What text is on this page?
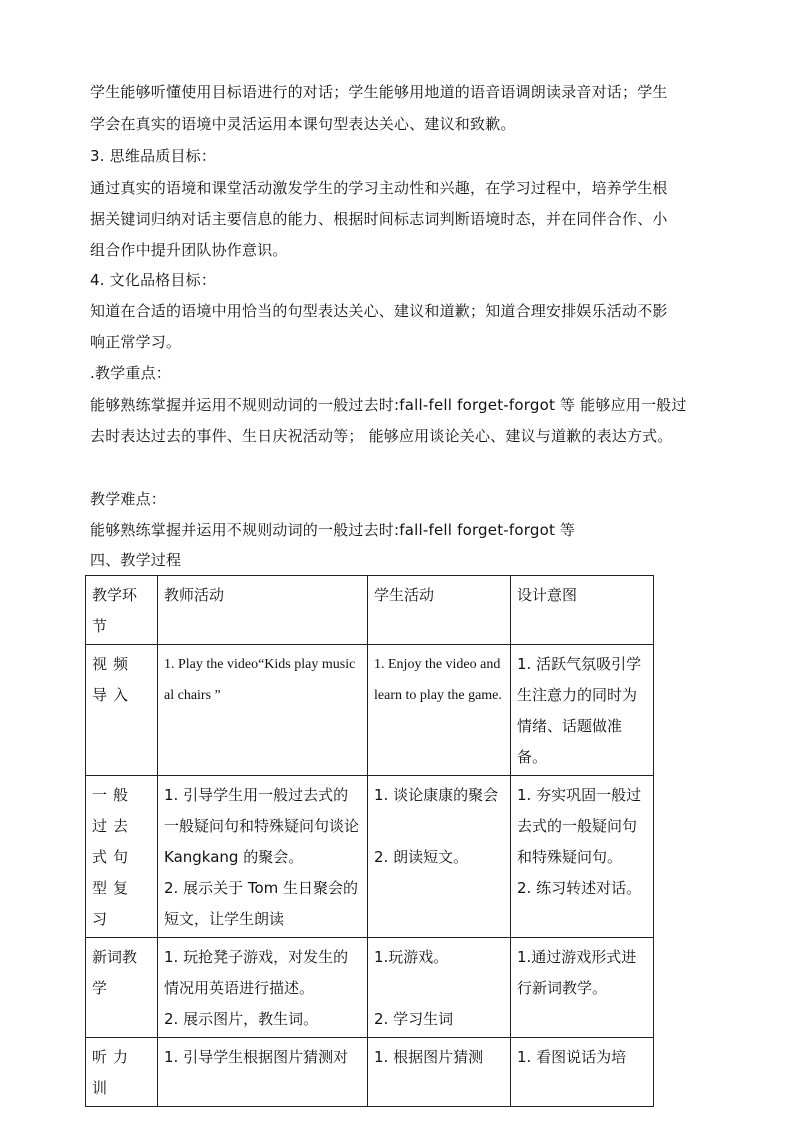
学生能够听懂使用目标语进行的对话；学生能够用地道的语音语调朗读录音对话；学生
学会在真实的语境中灵活运用本课句型表达关心、建议和致歉。
3. 思维品质目标：
通过真实的语境和课堂活动激发学生的学习主动性和兴趣，在学习过程中，培养学生根
据关键词归纳对话主要信息的能力、根据时间标志词判断语境时态，并在同伴合作、小
组合作中提升团队协作意识。
4. 文化品格目标：
知道在合适的语境中用恰当的句型表达关心、建议和道歉；知道合理安排娱乐活动不影
响正常学习。
.教学重点：
能够熟练掌握并运用不规则动词的一般过去时:fall-fell forget-forgot 等 能够应用一般过
去时表达过去的事件、生日庆祝活动等； 能够应用谈论关心、建议与道歉的表达方式。
教学难点：
能够熟练掌握并运用不规则动词的一般过去时:fall-fell forget-forgot 等
四、教学过程
教学环节	教师活动	学生活动	设计意图
视频导入	1. Play the video“Kids play musical chairs ”	1. Enjoy the video and learn to play the game.	1. 活跃气氛吸引学生注意力的同时为情绪、话题做准备。

一般过去式句型复习	1. 引导学生用一般过去式的一般疑问句和特殊疑问句谈论 Kangkang 的聚会。
2. 展示关于 Tom 生日聚会的短文，让学生朗读	1. 谈论康康的聚会
2. 朗读短文。	1. 夯实巩固一般过去式的一般疑问句和特殊疑问句。
2. 练习转述对话。

新词教学	1. 玩抢凳子游戏，对发生的情况用英语进行描述。
2. 展示图片，教生词。	1.玩游戏。
2. 学习生词	1.通过游戏形式进行新词教学。

听力训	1. 引导学生根据图片猜测对	1. 根据图片猜测	1. 看图说话为培
